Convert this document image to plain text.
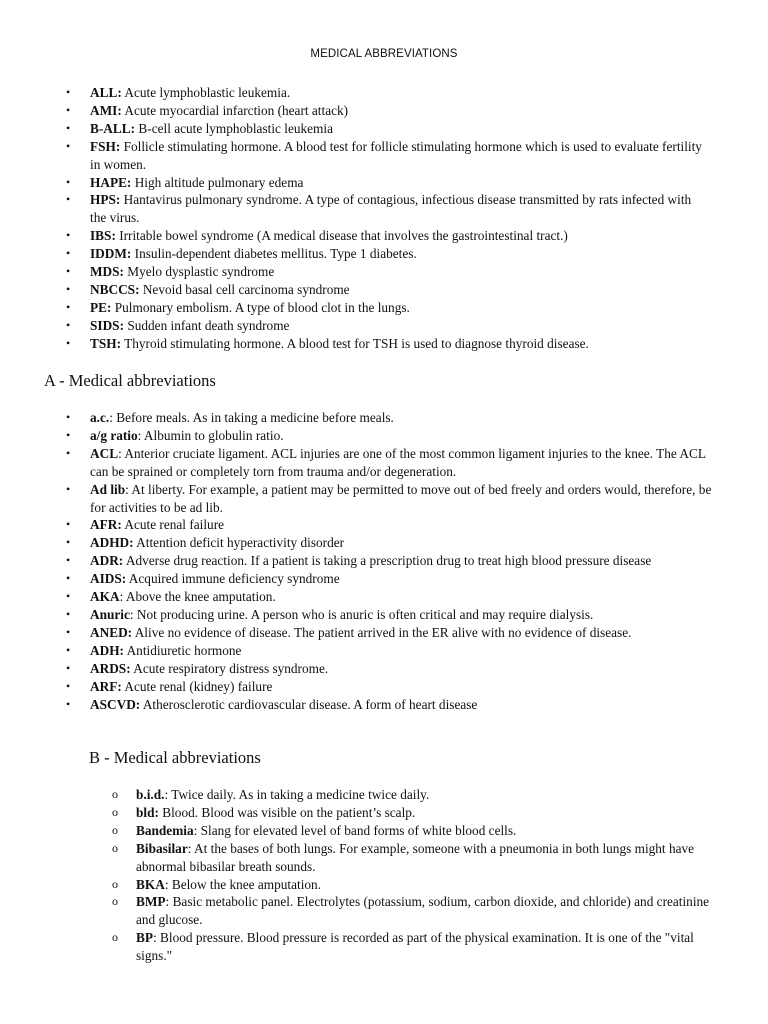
MEDICAL ABBREVIATIONS
• ALL: Acute lymphoblastic leukemia.
• AMI: Acute myocardial infarction (heart attack)
• B-ALL: B-cell acute lymphoblastic leukemia
• FSH: Follicle stimulating hormone. A blood test for follicle stimulating hormone which is used to evaluate fertility in women.
• HAPE: High altitude pulmonary edema
• HPS: Hantavirus pulmonary syndrome. A type of contagious, infectious disease transmitted by rats infected with the virus.
• IBS: Irritable bowel syndrome (A medical disease that involves the gastrointestinal tract.)
• IDDM: Insulin-dependent diabetes mellitus. Type 1 diabetes.
• MDS: Myelo dysplastic syndrome
• NBCCS: Nevoid basal cell carcinoma syndrome
• PE: Pulmonary embolism. A type of blood clot in the lungs.
• SIDS: Sudden infant death syndrome
• TSH: Thyroid stimulating hormone. A blood test for TSH is used to diagnose thyroid disease.
A - Medical abbreviations
• a.c.: Before meals. As in taking a medicine before meals.
• a/g ratio: Albumin to globulin ratio.
• ACL: Anterior cruciate ligament. ACL injuries are one of the most common ligament injuries to the knee. The ACL can be sprained or completely torn from trauma and/or degeneration.
• Ad lib: At liberty. For example, a patient may be permitted to move out of bed freely and orders would, therefore, be for activities to be ad lib.
• AFR: Acute renal failure
• ADHD: Attention deficit hyperactivity disorder
• ADR: Adverse drug reaction. If a patient is taking a prescription drug to treat high blood pressure disease
• AIDS: Acquired immune deficiency syndrome
• AKA: Above the knee amputation.
• Anuric: Not producing urine. A person who is anuric is often critical and may require dialysis.
• ANED: Alive no evidence of disease. The patient arrived in the ER alive with no evidence of disease.
• ADH: Antidiuretic hormone
• ARDS: Acute respiratory distress syndrome.
• ARF: Acute renal (kidney) failure
• ASCVD: Atherosclerotic cardiovascular disease. A form of heart disease
B - Medical abbreviations
o b.i.d.: Twice daily. As in taking a medicine twice daily.
o bld: Blood. Blood was visible on the patient’s scalp.
o Bandemia: Slang for elevated level of band forms of white blood cells.
o Bibasilar: At the bases of both lungs. For example, someone with a pneumonia in both lungs might have abnormal bibasilar breath sounds.
o BKA: Below the knee amputation.
o BMP: Basic metabolic panel. Electrolytes (potassium, sodium, carbon dioxide, and chloride) and creatinine and glucose.
o BP: Blood pressure. Blood pressure is recorded as part of the physical examination. It is one of the "vital signs."
